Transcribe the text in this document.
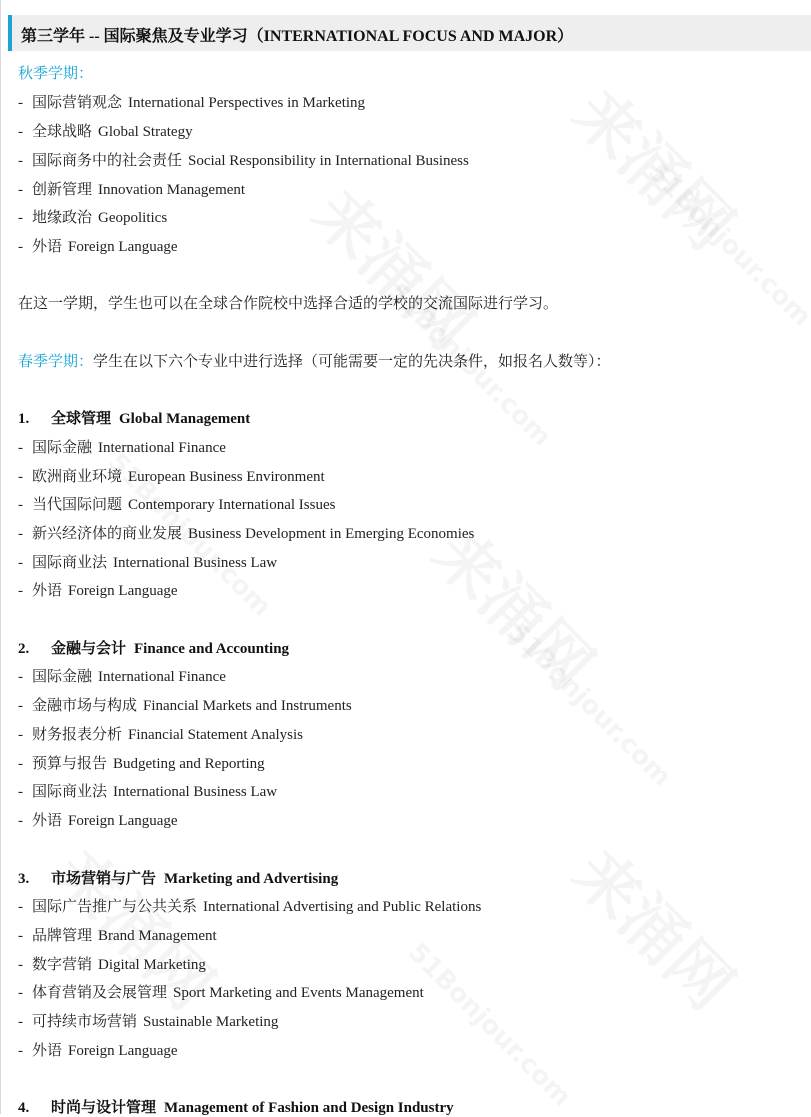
第三学年 -- 国际聚焦及专业学习（INTERNATIONAL FOCUS AND MAJOR）
秋季学期：
- 国际营销观念 International Perspectives in Marketing
- 全球战略 Global Strategy
- 国际商务中的社会责任 Social Responsibility in International Business
- 创新管理 Innovation Management
- 地缘政治 Geopolitics
- 外语 Foreign Language
在这一学期，学生也可以在全球合作院校中选择合适的学校的交流国际进行学习。
春季学期：学生在以下六个专业中进行选择（可能需要一定的先决条件，如报名人数等）：
1. 全球管理 Global Management
- 国际金融 International Finance
- 欧洲商业环境 European Business Environment
- 当代国际问题 Contemporary International Issues
- 新兴经济体的商业发展 Business Development in Emerging Economies
- 国际商业法 International Business Law
- 外语 Foreign Language
2. 金融与会计 Finance and Accounting
- 国际金融 International Finance
- 金融市场与构成 Financial Markets and Instruments
- 财务报表分析 Financial Statement Analysis
- 预算与报告 Budgeting and Reporting
- 国际商业法 International Business Law
- 外语 Foreign Language
3. 市场营销与广告 Marketing and Advertising
- 国际广告推广与公共关系 International Advertising and Public Relations
- 品牌管理 Brand Management
- 数字营销 Digital Marketing
- 体育营销及会展管理 Sport Marketing and Events Management
- 可持续市场营销 Sustainable Marketing
- 外语 Foreign Language
4. 时尚与设计管理 Management of Fashion and Design Industry
